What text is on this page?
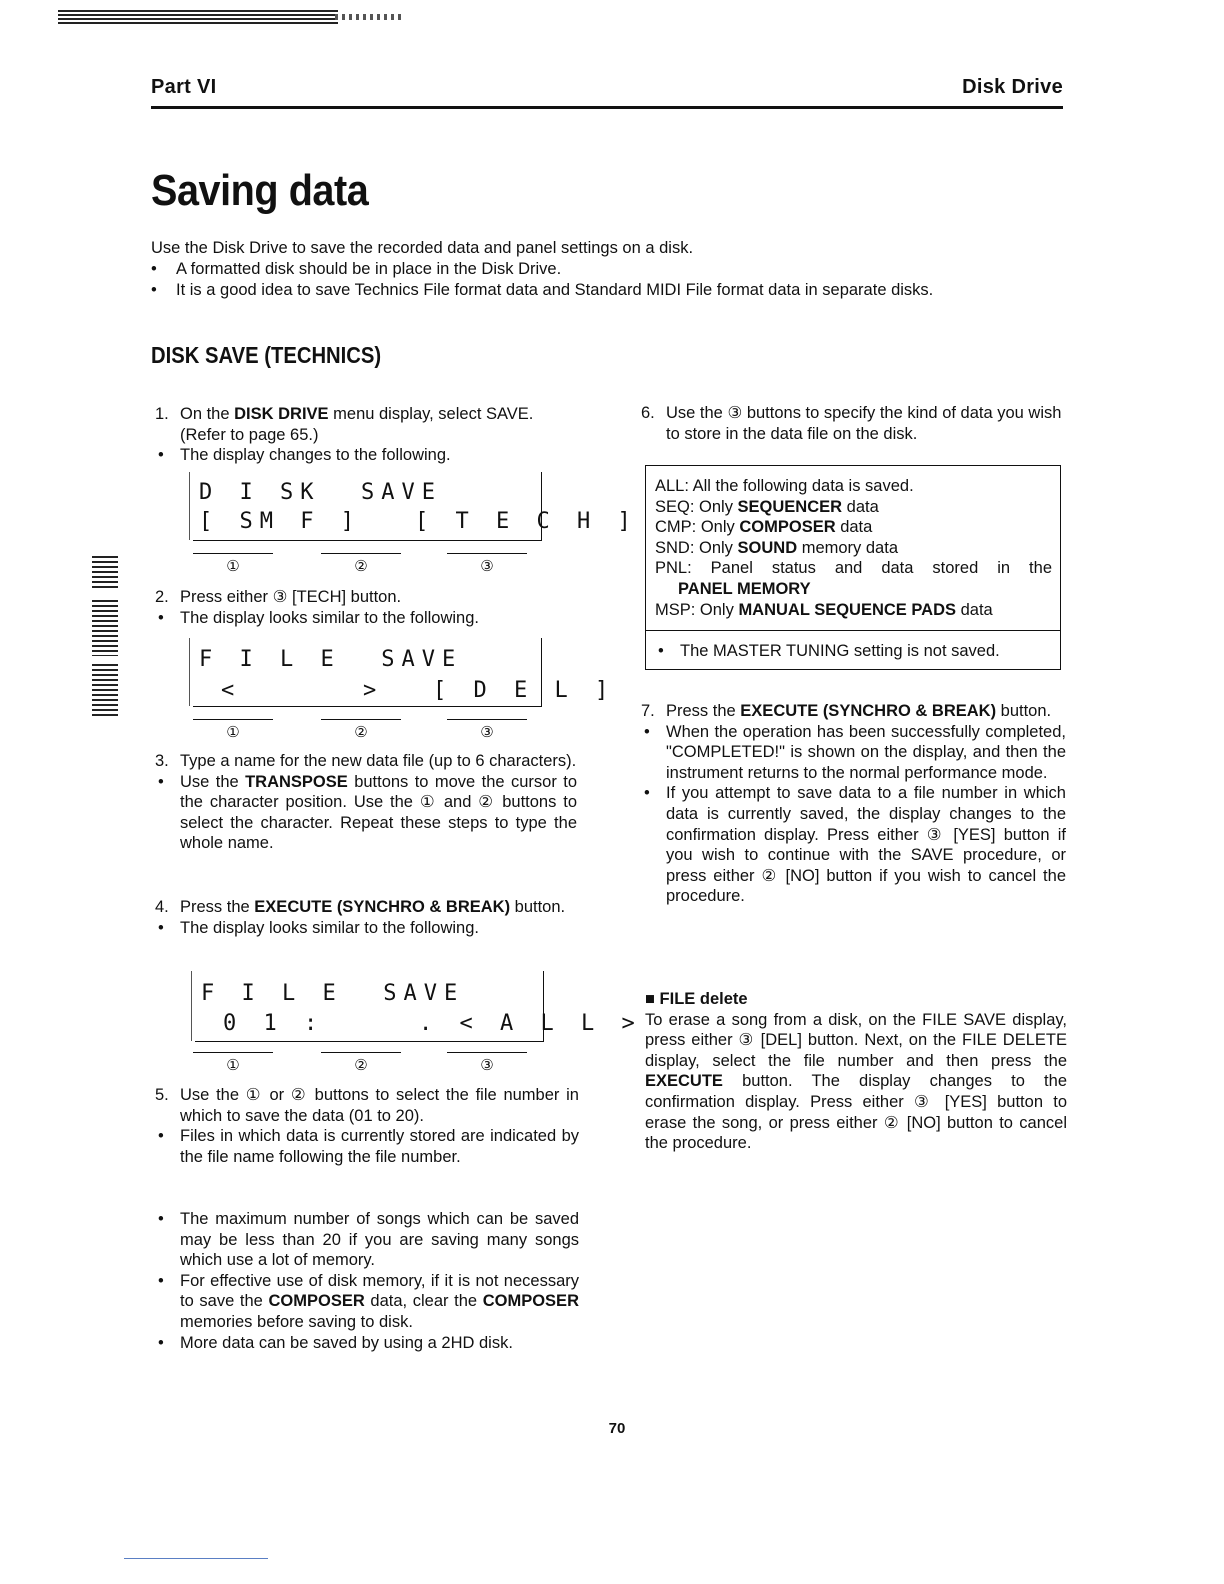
Part VI	Disk Drive
Saving data
Use the Disk Drive to save the recorded data and panel settings on a disk.
• A formatted disk should be in place in the Disk Drive.
• It is a good idea to save Technics File format data and Standard MIDI File format data in separate disks.
DISK SAVE (TECHNICS)

1. On the DISK DRIVE menu display, select SAVE. (Refer to page 65.)

• The display changes to the following.

D I SK  SAVE
[ SM F ] [ T E C H ]
①	②	③

2. Press either ③ [TECH] button.

• The display looks similar to the following.

F I L E  SAVE
<	> [ D E L ]
①	②	③

3. Type a name for the new data file (up to 6 characters).

• Use the TRANSPOSE buttons to move the cursor to the character position. Use the ① and ② buttons to select the character. Repeat these steps to type the whole name.

4. Press the EXECUTE (SYNCHRO & BREAK) button.

• The display looks similar to the following.

F I L E  SAVE
0 1 :	. < A L L >
①	②	③

5. Use the ① or ② buttons to select the file number in which to save the data (01 to 20).

• Files in which data is currently stored are indicated by the file name following the file number.

• The maximum number of songs which can be saved may be less than 20 if you are saving many songs which use a lot of memory.

• For effective use of disk memory, if it is not necessary to save the COMPOSER data, clear the COMPOSER memories before saving to disk.

• More data can be saved by using a 2HD disk.

6. Use the ③ buttons to specify the kind of data you wish to store in the data file on the disk.

ALL: All the following data is saved.
SEQ: Only SEQUENCER data
CMP: Only COMPOSER data
SND: Only SOUND memory data
PNL: Panel status and data stored in the
PANEL MEMORY
MSP: Only MANUAL SEQUENCE PADS data
• The MASTER TUNING setting is not saved.

7. Press the EXECUTE (SYNCHRO & BREAK) button.

• When the operation has been successfully completed, "COMPLETED!" is shown on the display, and then the instrument returns to the normal performance mode.

• If you attempt to save data to a file number in which data is currently saved, the display changes to the confirmation display. Press either ③ [YES] button if you wish to continue with the SAVE procedure, or press either ② [NO] button if you wish to cancel the procedure.

■ FILE delete

To erase a song from a disk, on the FILE SAVE display, press either ③ [DEL] button. Next, on the FILE DELETE display, select the file number and then press the EXECUTE button. The display changes to the confirmation display. Press either ③ [YES] button to erase the song, or press either ② [NO] button to cancel the procedure.

70
